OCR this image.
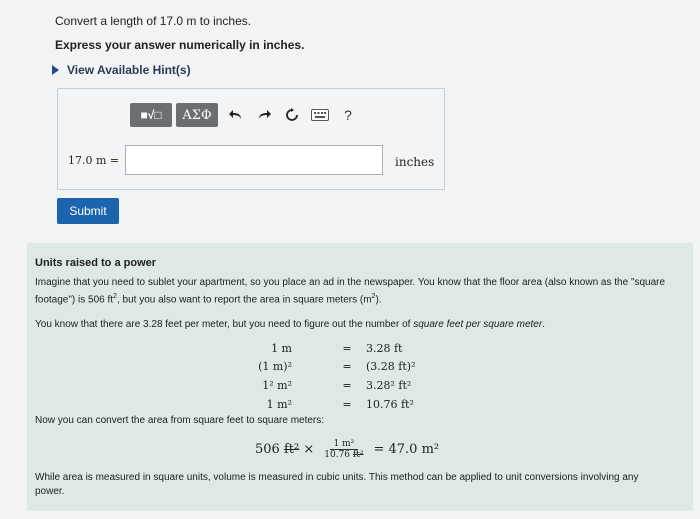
Convert a length of 17.0 m to inches.
Express your answer numerically in inches.
View Available Hint(s)
■√□	ΑΣΦ	?
17.0 m =	inches
Submit
Units raised to a power
Imagine that you need to sublet your apartment, so you place an ad in the newspaper. You know that the floor area (also known as the "square footage") is 506 $ft^2$, but you also want to report the area in square meters $(m^2)$.
You know that there are 3.28 feet per meter, but you need to figure out the number of square feet per square meter.
1 m	=	3.28 ft
(1 m)²	=	(3.28 ft)²
1² m²	=	3.28² ft²
1 m²	=	10.76 ft²
Now you can convert the area from square feet to square meters:
506
ft²
× $\frac{\text{1 m²}}{\text{10.76 ft²}} = 47.0$ m²
While area is measured in square units, volume is measured in cubic units. This method can be applied to unit conversions involving any power.
